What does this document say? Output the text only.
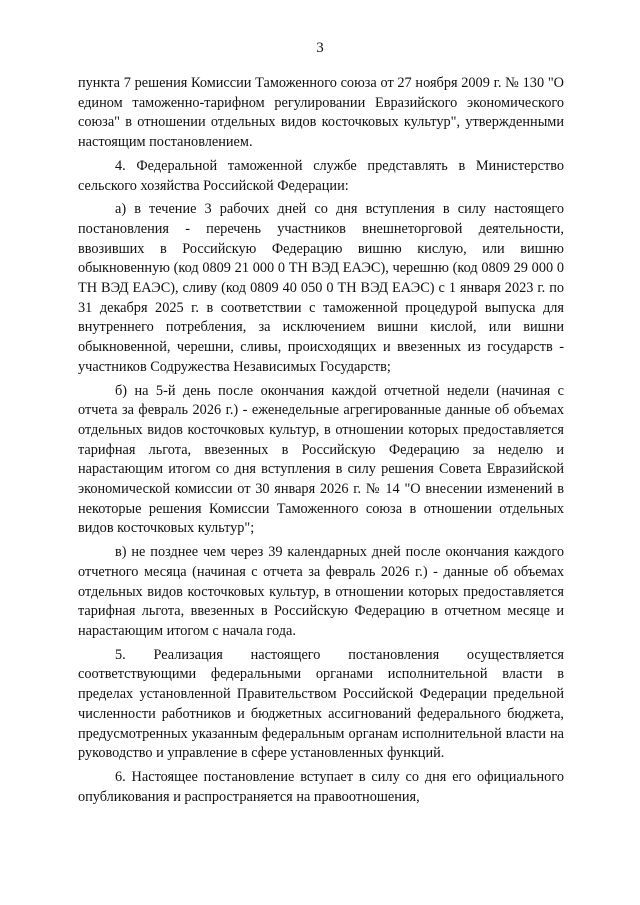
3

пункта 7 решения Комиссии Таможенного союза от 27 ноября 2009 г. № 130 "О едином таможенно-тарифном регулировании Евразийского экономического союза" в отношении отдельных видов косточковых культур", утвержденными настоящим постановлением.

4. Федеральной таможенной службе представлять в Министерство сельского хозяйства Российской Федерации:

а) в течение 3 рабочих дней со дня вступления в силу настоящего постановления - перечень участников внешнеторговой деятельности, ввозивших в Российскую Федерацию вишню кислую, или вишню обыкновенную (код 0809 21 000 0 ТН ВЭД ЕАЭС), черешню (код 0809 29 000 0 ТН ВЭД ЕАЭС), сливу (код 0809 40 050 0 ТН ВЭД ЕАЭС) с 1 января 2023 г. по 31 декабря 2025 г. в соответствии с таможенной процедурой выпуска для внутреннего потребления, за исключением вишни кислой, или вишни обыкновенной, черешни, сливы, происходящих и ввезенных из государств - участников Содружества Независимых Государств;

б) на 5-й день после окончания каждой отчетной недели (начиная с отчета за февраль 2026 г.) - еженедельные агрегированные данные об объемах отдельных видов косточковых культур, в отношении которых предоставляется тарифная льгота, ввезенных в Российскую Федерацию за неделю и нарастающим итогом со дня вступления в силу решения Совета Евразийской экономической комиссии от 30 января 2026 г. № 14 "О внесении изменений в некоторые решения Комиссии Таможенного союза в отношении отдельных видов косточковых культур";

в) не позднее чем через 39 календарных дней после окончания каждого отчетного месяца (начиная с отчета за февраль 2026 г.) - данные об объемах отдельных видов косточковых культур, в отношении которых предоставляется тарифная льгота, ввезенных в Российскую Федерацию в отчетном месяце и нарастающим итогом с начала года.

5. Реализация настоящего постановления осуществляется соответствующими федеральными органами исполнительной власти в пределах установленной Правительством Российской Федерации предельной численности работников и бюджетных ассигнований федерального бюджета, предусмотренных указанным федеральным органам исполнительной власти на руководство и управление в сфере установленных функций.

6. Настоящее постановление вступает в силу со дня его официального опубликования и распространяется на правоотношения,
